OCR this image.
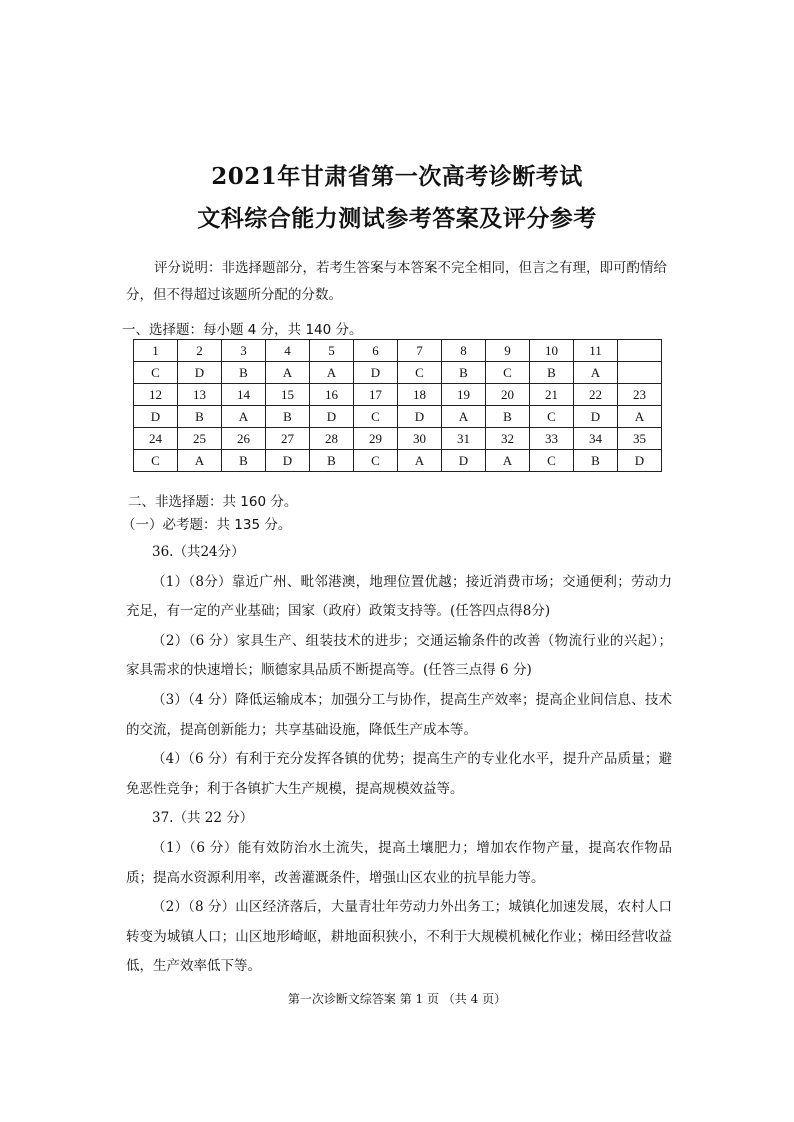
2021年甘肃省第一次高考诊断考试
文科综合能力测试参考答案及评分参考
评分说明：非选择题部分，若考生答案与本答案不完全相同，但言之有理，即可酌情给分，但不得超过该题所分配的分数。
一、选择题：每小题 4 分，共 140 分。
1	2	3	4	5	6	7	8	9	10	11	
C	D	B	A	A	D	C	B	C	B	A	
12	13	14	15	16	17	18	19	20	21	22	23
D	B	A	B	D	C	D	A	B	C	D	A
24	25	26	27	28	29	30	31	32	33	34	35
C	A	B	D	B	C	A	D	A	C	B	D
二、非选择题：共 160 分。
（一）必考题：共 135 分。

36.（共24分）

（1）（8分）靠近广州、毗邻港澳，地理位置优越；接近消费市场；交通便利；劳动力充足，有一定的产业基础；国家（政府）政策支持等。(任答四点得8分)

（2）（6 分）家具生产、组装技术的进步；交通运输条件的改善（物流行业的兴起）；家具需求的快速增长；顺德家具品质不断提高等。(任答三点得 6 分)

（3）（4 分）降低运输成本；加强分工与协作，提高生产效率；提高企业间信息、技术的交流，提高创新能力；共享基础设施，降低生产成本等。

（4）（6 分）有利于充分发挥各镇的优势；提高生产的专业化水平，提升产品质量；避免恶性竞争；利于各镇扩大生产规模，提高规模效益等。

37.（共 22 分）

（1）（6 分）能有效防治水土流失，提高土壤肥力；增加农作物产量，提高农作物品质；提高水资源利用率，改善灌溉条件，增强山区农业的抗旱能力等。

（2）（8 分）山区经济落后，大量青壮年劳动力外出务工；城镇化加速发展，农村人口转变为城镇人口；山区地形崎岖，耕地面积狭小，不利于大规模机械化作业；梯田经营收益低，生产效率低下等。

第一次诊断文综答案 第 1 页 （共 4 页）
